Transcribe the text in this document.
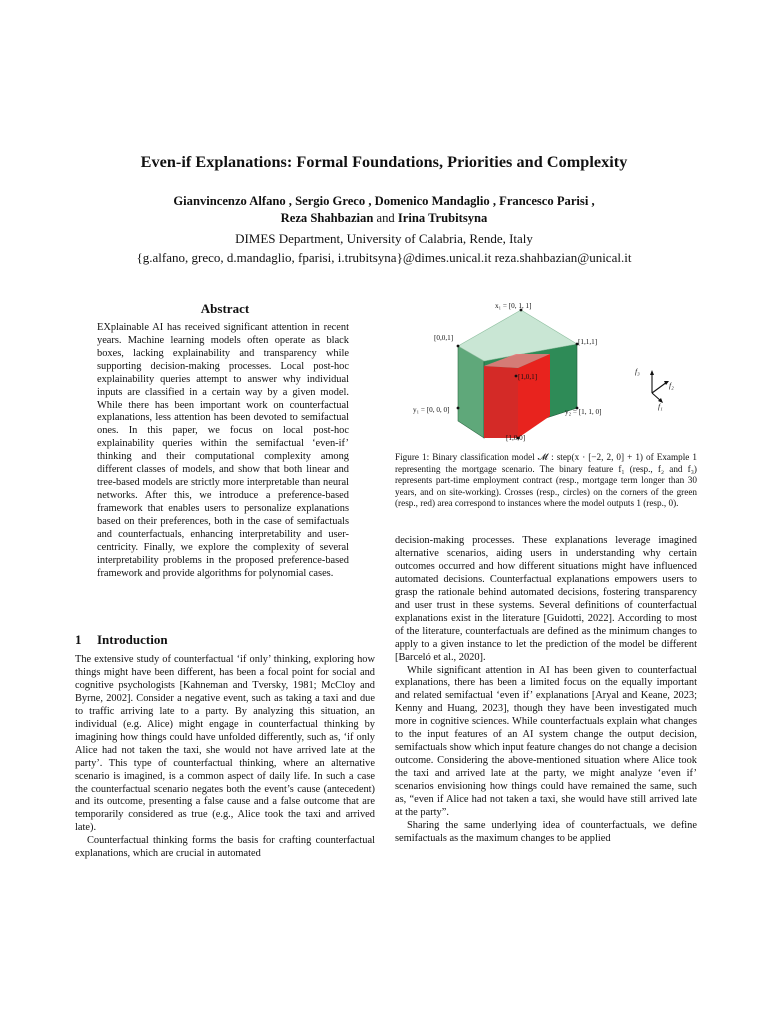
Even-if Explanations: Formal Foundations, Priorities and Complexity
Gianvincenzo Alfano , Sergio Greco , Domenico Mandaglio , Francesco Parisi ,
Reza Shahbazian and Irina Trubitsyna
DIMES Department, University of Calabria, Rende, Italy
{g.alfano, greco, d.mandaglio, fparisi, i.trubitsyna}@dimes.unical.it reza.shahbazian@unical.it
Abstract
EXplainable AI has received significant attention in recent years. Machine learning models often operate as black boxes, lacking explainability and transparency while supporting decision-making processes. Local post-hoc explainability queries attempt to answer why individual inputs are classified in a certain way by a given model. While there has been important work on counterfactual explanations, less attention has been devoted to semifactual ones. In this paper, we focus on local post-hoc explainability queries within the semifactual ‘even-if’ thinking and their computational complexity among different classes of models, and show that both linear and tree-based models are strictly more interpretable than neural networks. After this, we introduce a preference-based framework that enables users to personalize explanations based on their preferences, both in the case of semifactuals and counterfactuals, enhancing interpretability and user-centricity. Finally, we explore the complexity of several interpretability problems in the proposed preference-based framework and provide algorithms for polynomial cases.
1 Introduction

The extensive study of counterfactual ‘if only’ thinking, exploring how things might have been different, has been a focal point for social and cognitive psychologists [Kahneman and Tversky, 1981; McCloy and Byrne, 2002]. Consider a negative event, such as taking a taxi and due to traffic arriving late to a party. By analyzing this situation, an individual (e.g. Alice) might engage in counterfactual thinking by imagining how things could have unfolded differently, such as, ‘if only Alice had not taken the taxi, she would not have arrived late at the party’. This type of counterfactual thinking, where an alternative scenario is imagined, is a common aspect of daily life. In such a case the counterfactual scenario negates both the event’s cause (antecedent) and its outcome, presenting a false cause and a false outcome that are temporarily considered as true (e.g., Alice took the taxi and arrived late).

Counterfactual thinking forms the basis for crafting counterfactual explanations, which are crucial in automated

x₁ = [0, 1, 1]
[0,0,1]	[1,1,1]
[1,0,1]
y₁ = [0, 0, 0]	y₂ = [1, 1, 0]
[1,0,0]
f₃
f₂
f₁
Figure 1: Binary classification model 𝓜 : step(x · [−2, 2, 0] + 1) of Example 1 representing the mortgage scenario. The binary feature f₁ (resp., f₂ and f₃) represents part-time employment contract (resp., mortgage term longer than 30 years, and on site-working). Crosses (resp., circles) on the corners of the green (resp., red) area correspond to instances where the model outputs 1 (resp., 0).

decision-making processes. These explanations leverage imagined alternative scenarios, aiding users in understanding why certain outcomes occurred and how different situations might have influenced automated decisions. Counterfactual explanations empowers users to grasp the rationale behind automated decisions, fostering transparency and user trust in these systems. Several definitions of counterfactual explanations exist in the literature [Guidotti, 2022]. According to most of the literature, counterfactuals are defined as the minimum changes to apply to a given instance to let the prediction of the model be different [Barceló et al., 2020].

While significant attention in AI has been given to counterfactual explanations, there has been a limited focus on the equally important and related semifactual ‘even if’ explanations [Aryal and Keane, 2023; Kenny and Huang, 2023], though they have been investigated much more in cognitive sciences. While counterfactuals explain what changes to the input features of an AI system change the output decision, semifactuals show which input feature changes do not change a decision outcome. Considering the above-mentioned situation where Alice took the taxi and arrived late at the party, we might analyze ‘even if’ scenarios envisioning how things could have remained the same, such as, “even if Alice had not taken a taxi, she would have still arrived late at the party”.

Sharing the same underlying idea of counterfactuals, we define semifactuals as the maximum changes to be applied
